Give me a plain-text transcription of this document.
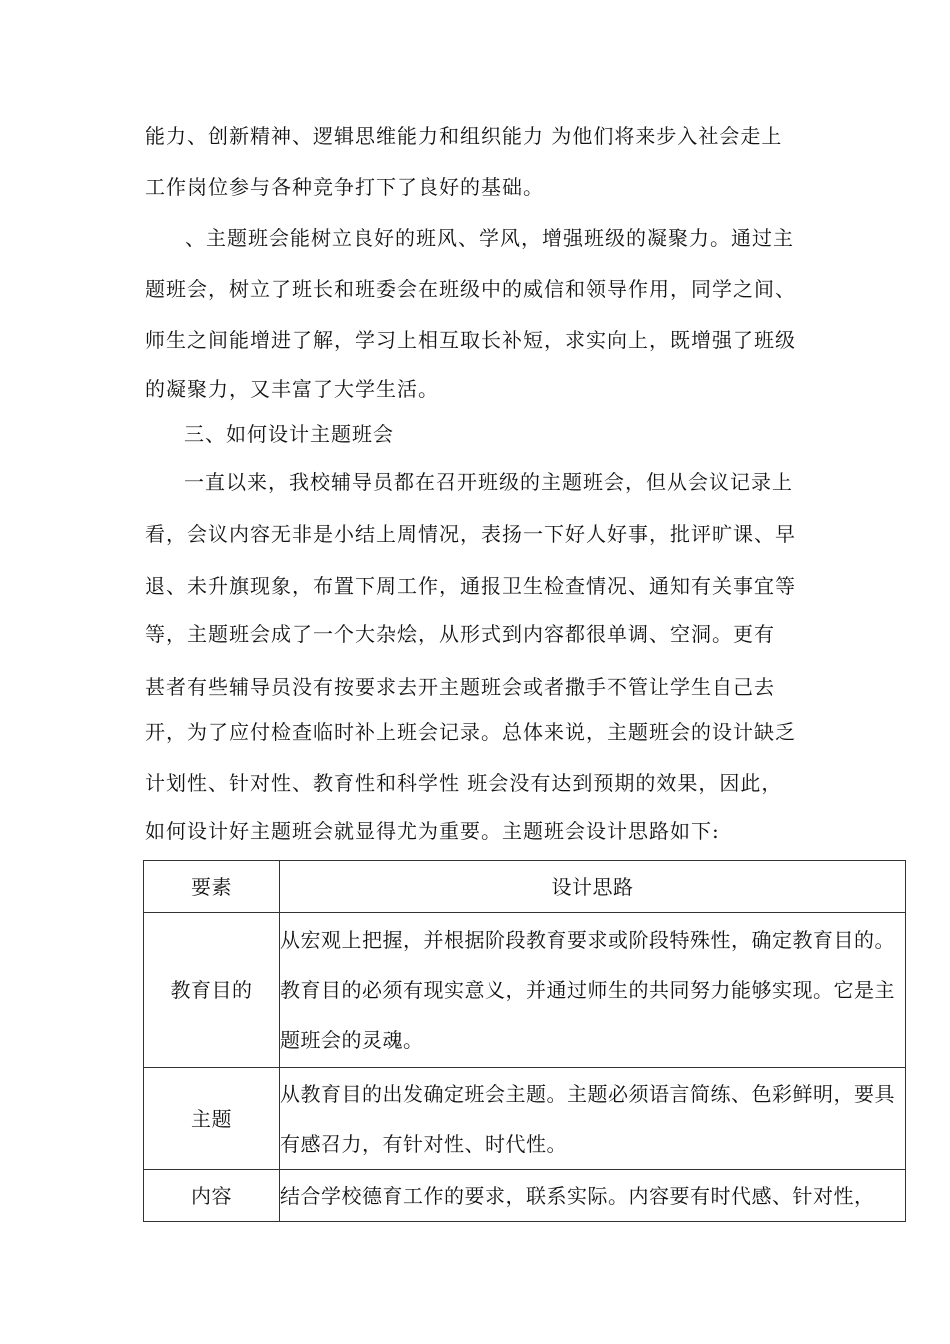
能力、创新精神、逻辑思维能力和组织能力 为他们将来步入社会走上
工作岗位参与各种竞争打下了良好的基础。
、主题班会能树立良好的班风、学风，增强班级的凝聚力。通过主
题班会，树立了班长和班委会在班级中的威信和领导作用，同学之间、
师生之间能增进了解，学习上相互取长补短，求实向上，既增强了班级
的凝聚力，又丰富了大学生活。
三、如何设计主题班会
一直以来，我校辅导员都在召开班级的主题班会，但从会议记录上
看，会议内容无非是小结上周情况，表扬一下好人好事，批评旷课、早
退、未升旗现象，布置下周工作，通报卫生检查情况、通知有关事宜等
等，主题班会成了一个大杂烩，从形式到内容都很单调、空洞。更有
甚者有些辅导员没有按要求去开主题班会或者撒手不管让学生自己去
开，为了应付检查临时补上班会记录。总体来说，主题班会的设计缺乏
计划性、针对性、教育性和科学性 班会没有达到预期的效果，因此，
如何设计好主题班会就显得尤为重要。主题班会设计思路如下:
要素	设计思路

教育目的	从宏观上把握，并根据阶段教育要求或阶段特殊性，确定教育目的。教育目的必须有现实意义，并通过师生的共同努力能够实现。它是主题班会的灵魂。

主题	从教育目的出发确定班会主题。主题必须语言简练、色彩鲜明，要具有感召力，有针对性、时代性。

内容	结合学校德育工作的要求，联系实际。内容要有时代感、针对性，
